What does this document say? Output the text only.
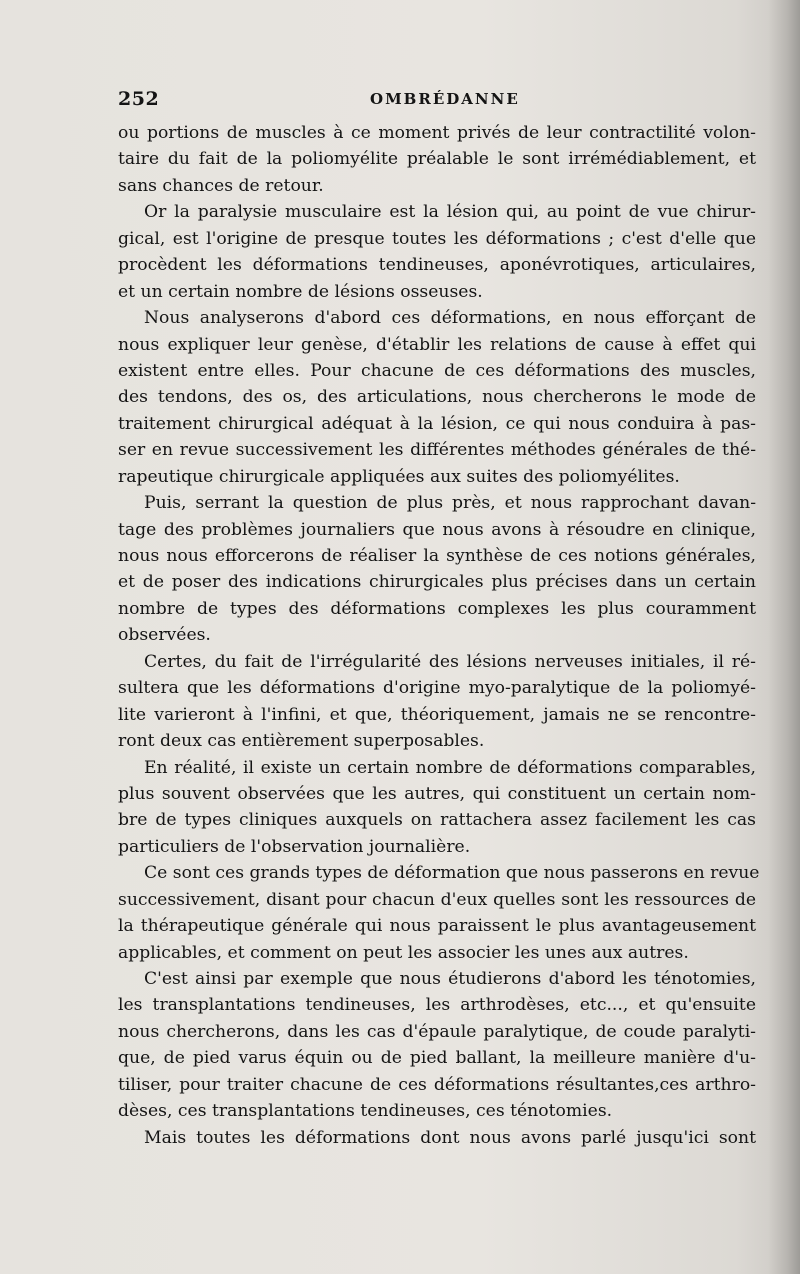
252	OMBRÉDANNE
ou portions de muscles à ce moment privés de leur contractilité volon-
taire du fait de la poliomyélite préalable le sont irrémédiablement, et
sans chances de retour.
Or la paralysie musculaire est la lésion qui, au point de vue chirur-
gical, est l'origine de presque toutes les déformations ; c'est d'elle que
procèdent les déformations tendineuses, aponévrotiques, articulaires,
et un certain nombre de lésions osseuses.
Nous analyserons d'abord ces déformations, en nous efforçant de
nous expliquer leur genèse, d'établir les relations de cause à effet qui
existent entre elles. Pour chacune de ces déformations des muscles,
des tendons, des os, des articulations, nous chercherons le mode de
traitement chirurgical adéquat à la lésion, ce qui nous conduira à pas-
ser en revue successivement les différentes méthodes générales de thé-
rapeutique chirurgicale appliquées aux suites des poliomyélites.
Puis, serrant la question de plus près, et nous rapprochant davan-
tage des problèmes journaliers que nous avons à résoudre en clinique,
nous nous efforcerons de réaliser la synthèse de ces notions générales,
et de poser des indications chirurgicales plus précises dans un certain
nombre de types des déformations complexes les plus couramment
observées.
Certes, du fait de l'irrégularité des lésions nerveuses initiales, il ré-
sultera que les déformations d'origine myo-paralytique de la poliomyé-
lite varieront à l'infini, et que, théoriquement, jamais ne se rencontre-
ront deux cas entièrement superposables.
En réalité, il existe un certain nombre de déformations comparables,
plus souvent observées que les autres, qui constituent un certain nom-
bre de types cliniques auxquels on rattachera assez facilement les cas
particuliers de l'observation journalière.
Ce sont ces grands types de déformation que nous passerons en revue
successivement, disant pour chacun d'eux quelles sont les ressources de
la thérapeutique générale qui nous paraissent le plus avantageusement
applicables, et comment on peut les associer les unes aux autres.
C'est ainsi par exemple que nous étudierons d'abord les ténotomies,
les transplantations tendineuses, les arthrodèses, etc..., et qu'ensuite
nous chercherons, dans les cas d'épaule paralytique, de coude paralyti-
que, de pied varus équin ou de pied ballant, la meilleure manière d'u-
tiliser, pour traiter chacune de ces déformations résultantes,ces arthro-
dèses, ces transplantations tendineuses, ces ténotomies.
Mais toutes les déformations dont nous avons parlé jusqu'ici sont
